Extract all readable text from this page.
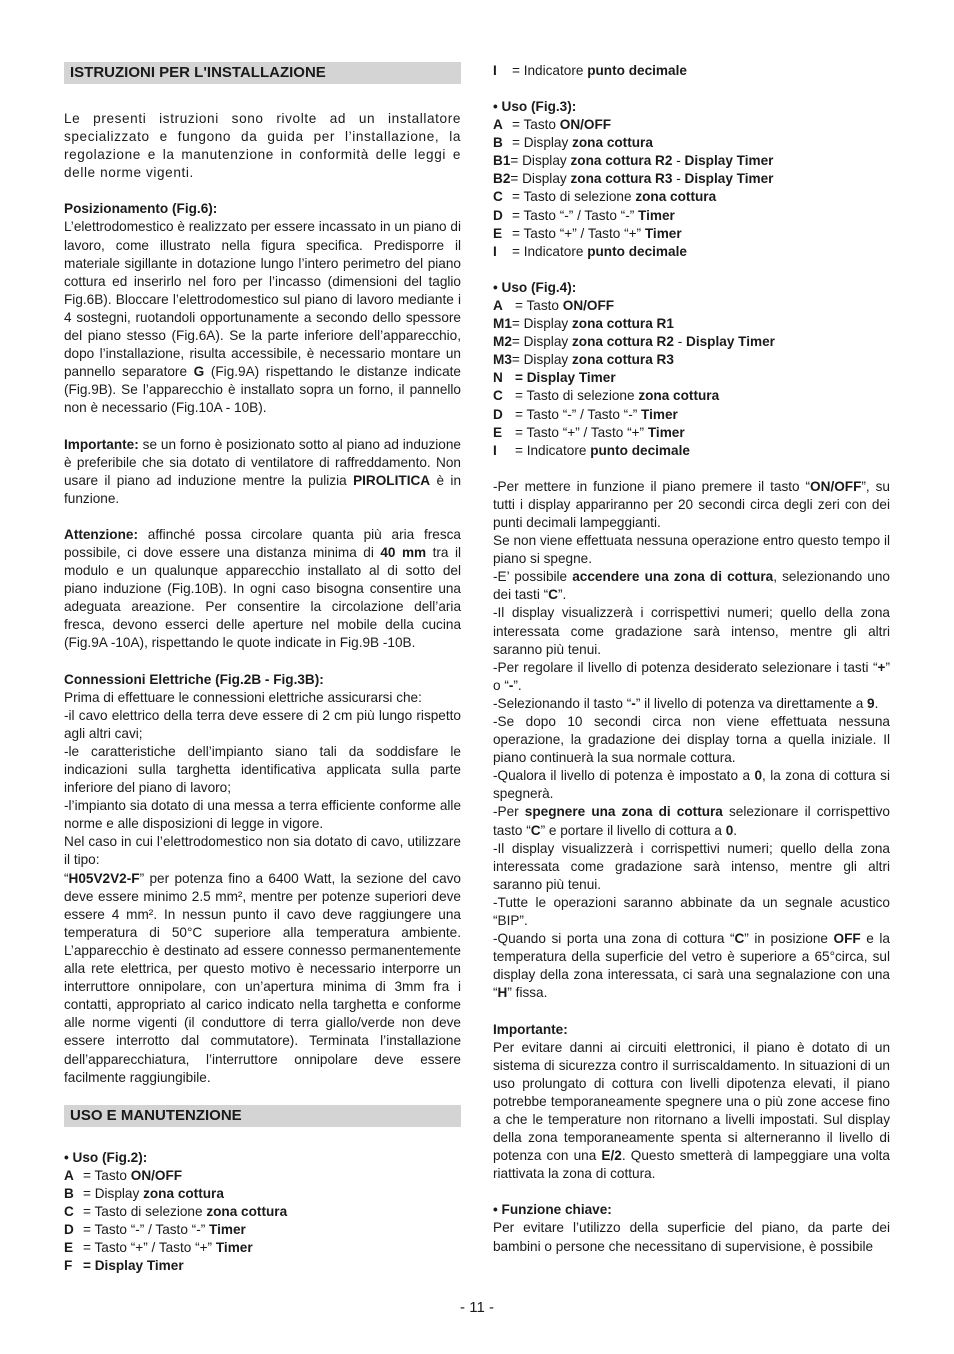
ISTRUZIONI PER L'INSTALLAZIONE

Le presenti istruzioni sono rivolte ad un installatore specializzato e fungono da guida per l’installazione, la regolazione e la manutenzione in conformità delle leggi e delle norme vigenti.

Posizionamento (Fig.6):

L’elettrodomestico è realizzato per essere incassato in un piano di lavoro, come illustrato nella figura specifica. Predisporre il materiale sigillante in dotazione lungo l’intero perimetro del piano cottura ed inserirlo nel foro per l’incasso (dimensioni del taglio Fig.6B). Bloccare l’elettrodomestico sul piano di lavoro mediante i 4 sostegni, ruotandoli opportunamente a secondo dello spessore del piano stesso (Fig.6A). Se la parte inferiore dell’apparecchio, dopo l’installazione, risulta accessibile, è necessario montare un pannello separatore G (Fig.9A) rispettando le distanze indicate (Fig.9B). Se l’apparecchio è installato sopra un forno, il pannello non è necessario (Fig.10A - 10B).

Importante: se un forno è posizionato sotto al piano ad induzione è preferibile che sia dotato di ventilatore di raffreddamento. Non usare il piano ad induzione mentre la pulizia PIROLITICA è in funzione.

Attenzione: affinché possa circolare quanta più aria fresca possibile, ci dove essere una distanza minima di 40 mm tra il modulo e un qualunque apparecchio installato al di sotto del piano induzione (Fig.10B). In ogni caso bisogna consentire una adeguata areazione. Per consentire la circolazione dell’aria fresca, devono esserci delle aperture nel mobile della cucina (Fig.9A -10A), rispettando le quote indicate in Fig.9B -10B.

Connessioni Elettriche (Fig.2B - Fig.3B):

Prima di effettuare le connessioni elettriche assicurarsi che:

-il cavo elettrico della terra deve essere di 2 cm più lungo rispetto agli altri cavi;

-le caratteristiche dell’impianto siano tali da soddisfare le indicazioni sulla targhetta identificativa applicata sulla parte inferiore del piano di lavoro;

-l’impianto sia dotato di una messa a terra efficiente conforme alle norme e alle disposizioni di legge in vigore.

Nel caso in cui l’elettrodomestico non sia dotato di cavo, utilizzare il tipo:

“H05V2V2-F” per potenza fino a 6400 Watt, la sezione del cavo deve essere minimo 2.5 mm², mentre per potenze superiori deve essere 4 mm². In nessun punto il cavo deve raggiungere una temperatura di 50°C superiore alla temperatura ambiente. L’apparecchio è destinato ad essere connesso permanentemente alla rete elettrica, per questo motivo è necessario interporre un interruttore onnipolare, con un’apertura minima di 3mm fra i contatti, appropriato al carico indicato nella targhetta e conforme alle norme vigenti (il conduttore di terra giallo/verde non deve essere interrotto dal commutatore). Terminata l’installazione dell’apparecchiatura, l’interruttore onnipolare deve essere facilmente raggiungibile.

USO E MANUTENZIONE

• Uso (Fig.2):

A = Tasto ON/OFF
B = Display zona cottura
C = Tasto di selezione zona cottura
D = Tasto “-” / Tasto “-” Timer
E = Tasto “+” / Tasto “+” Timer
F = Display Timer
I	= Indicatore punto decimale

• Uso (Fig.3):

A = Tasto ON/OFF
B = Display zona cottura
B1 = Display zona cottura R2 - Display Timer
B2 = Display zona cottura R3 - Display Timer
C = Tasto di selezione zona cottura
D = Tasto “-” / Tasto “-” Timer
E = Tasto “+” / Tasto “+” Timer
I	= Indicatore punto decimale

• Uso (Fig.4):

A = Tasto ON/OFF
M1 = Display zona cottura R1
M2 = Display zona cottura R2 - Display Timer
M3 = Display zona cottura R3
N = Display Timer
C = Tasto di selezione zona cottura
D = Tasto “-” / Tasto “-” Timer
E = Tasto “+” / Tasto “+” Timer
I	= Indicatore punto decimale

-Per mettere in funzione il piano premere il tasto “ON/OFF”, su tutti i display appariranno per 20 secondi circa degli zeri con dei punti decimali lampeggianti.

Se non viene effettuata nessuna operazione entro questo tempo il piano si spegne.

-E’ possibile accendere una zona di cottura, selezionando uno dei tasti “C”.

-Il display visualizzerà i corrispettivi numeri; quello della zona interessata come gradazione sarà intenso, mentre gli altri saranno più tenui.

-Per regolare il livello di potenza desiderato selezionare i tasti “+” o “-”.

-Selezionando il tasto “-” il livello di potenza va direttamente a 9.

-Se dopo 10 secondi circa non viene effettuata nessuna operazione, la gradazione dei display torna a quella iniziale. Il piano continuerà la sua normale cottura.

-Qualora il livello di potenza è impostato a 0, la zona di cottura si spegnerà.

-Per spegnere una zona di cottura selezionare il corrispettivo tasto “C” e portare il livello di cottura a 0.

-Il display visualizzerà i corrispettivi numeri; quello della zona interessata come gradazione sarà intenso, mentre gli altri saranno più tenui.

-Tutte le operazioni saranno abbinate da un segnale acustico “BIP”.

-Quando si porta una zona di cottura “C” in posizione OFF e la temperatura della superficie del vetro è superiore a 65°circa, sul display della zona interessata, ci sarà una segnalazione con una “H” fissa.

Importante:

Per evitare danni ai circuiti elettronici, il piano è dotato di un sistema di sicurezza contro il surriscaldamento. In situazioni di un uso prolungato di cottura con livelli dipotenza elevati, il piano potrebbe temporaneamente spegnere una o più zone accese fino a che le temperature non ritornano a livelli impostati. Sul display della zona temporaneamente spenta si alterneranno il livello di potenza con una E/2. Questo smetterà di lampeggiare una volta riattivata la zona di cottura.

• Funzione chiave:

Per evitare l’utilizzo della superficie del piano, da parte dei bambini o persone che necessitano di supervisione, è possibile

- 11 -
